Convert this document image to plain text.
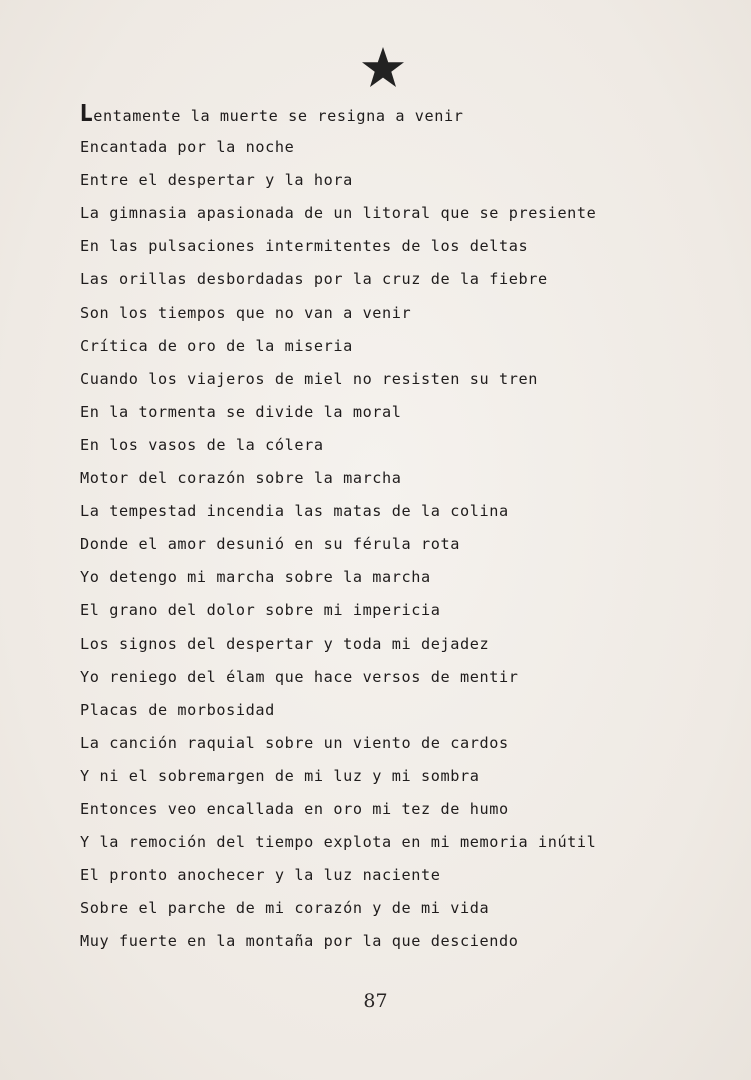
Lentamente la muerte se resigna a venir
Encantada por la noche
Entre el despertar y la hora
La gimnasia apasionada de un litoral que se presiente
En las pulsaciones intermitentes de los deltas
Las orillas desbordadas por la cruz de la fiebre
Son los tiempos que no van a venir
Crítica de oro de la miseria
Cuando los viajeros de miel no resisten su tren
En la tormenta se divide la moral
En los vasos de la cólera
Motor del corazón sobre la marcha
La tempestad incendia las matas de la colina
Donde el amor desunió en su férula rota
Yo detengo mi marcha sobre la marcha
El grano del dolor sobre mi impericia
Los signos del despertar y toda mi dejadez
Yo reniego del élam que hace versos de mentir
Placas de morbosidad
La canción raquial sobre un viento de cardos
Y ni el sobremargen de mi luz y mi sombra
Entonces veo encallada en oro mi tez de humo
Y la remoción del tiempo explota en mi memoria inútil
El pronto anochecer y la luz naciente
Sobre el parche de mi corazón y de mi vida
Muy fuerte en la montaña por la que desciendo
87
